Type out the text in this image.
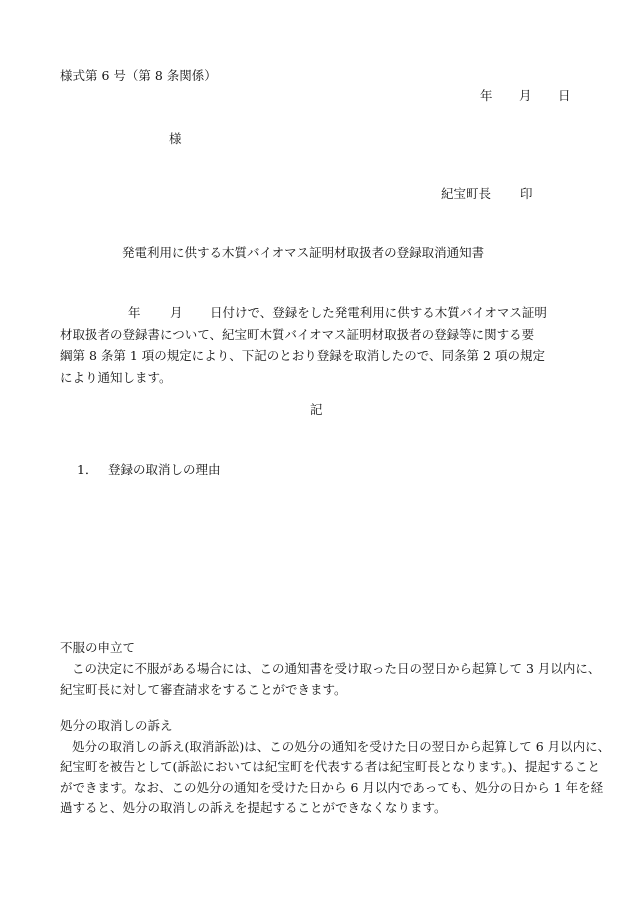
様式第 6 号（第 8 条関係）
年 月 日
様
紀宝町長 印
発電利用に供する木質バイオマス証明材取扱者の登録取消通知書
年 月 日付けで、登録をした発電利用に供する木質バイオマス証明
材取扱者の登録書について、紀宝町木質バイオマス証明材取扱者の登録等に関する要
綱第 8 条第 1 項の規定により、下記のとおり登録を取消したので、同条第 2 項の規定
により通知します。
記
1． 登録の取消しの理由
不服の申立て
この決定に不服がある場合には、この通知書を受け取った日の翌日から起算して 3 月以内に、
紀宝町長に対して審査請求をすることができます。
処分の取消しの訴え
処分の取消しの訴え(取消訴訟)は、この処分の通知を受けた日の翌日から起算して 6 月以内に、
紀宝町を被告として(訴訟においては紀宝町を代表する者は紀宝町長となります。)、提起すること
ができます。なお、この処分の通知を受けた日から 6 月以内であっても、処分の日から 1 年を経
過すると、処分の取消しの訴えを提起することができなくなります。
